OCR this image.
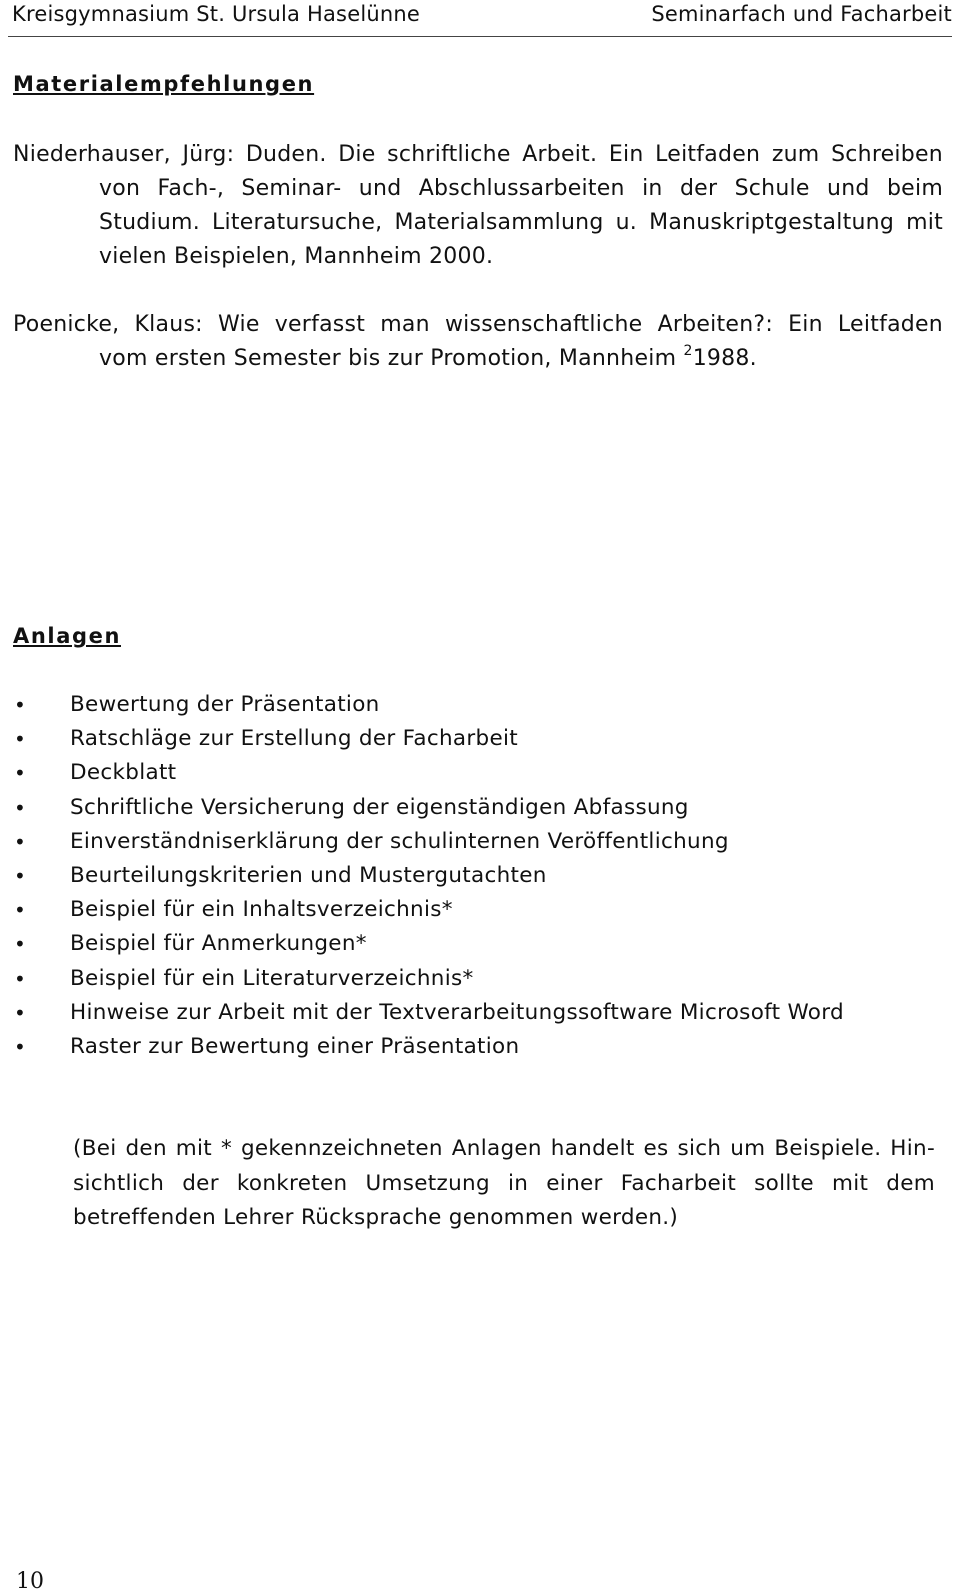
Kreisgymnasium St. Ursula Haselünne	Seminarfach und Facharbeit
Materialempfehlungen
Niederhauser, Jürg: Duden. Die schriftliche Arbeit. Ein Leitfaden zum Schreiben
von Fach-, Seminar- und Abschlussarbeiten in der Schule und beim
Studium. Literatursuche, Materialsammlung u. Manuskriptgestaltung mit
vielen Beispielen, Mannheim 2000.
Poenicke, Klaus: Wie verfasst man wissenschaftliche Arbeiten?: Ein Leitfaden
vom ersten Semester bis zur Promotion, Mannheim $^2$1988.
Anlagen
• Bewertung der Präsentation
• Ratschläge zur Erstellung der Facharbeit
• Deckblatt
• Schriftliche Versicherung der eigenständigen Abfassung
• Einverständniserklärung der schulinternen Veröffentlichung
• Beurteilungskriterien und Mustergutachten
• Beispiel für ein Inhaltsverzeichnis*
• Beispiel für Anmerkungen*
• Beispiel für ein Literaturverzeichnis*
• Hinweise zur Arbeit mit der Textverarbeitungssoftware Microsoft Word
• Raster zur Bewertung einer Präsentation
(Bei den mit * gekennzeichneten Anlagen handelt es sich um Beispiele. Hin-
sichtlich der konkreten Umsetzung in einer Facharbeit sollte mit dem
betreffenden Lehrer Rücksprache genommen werden.)
10
